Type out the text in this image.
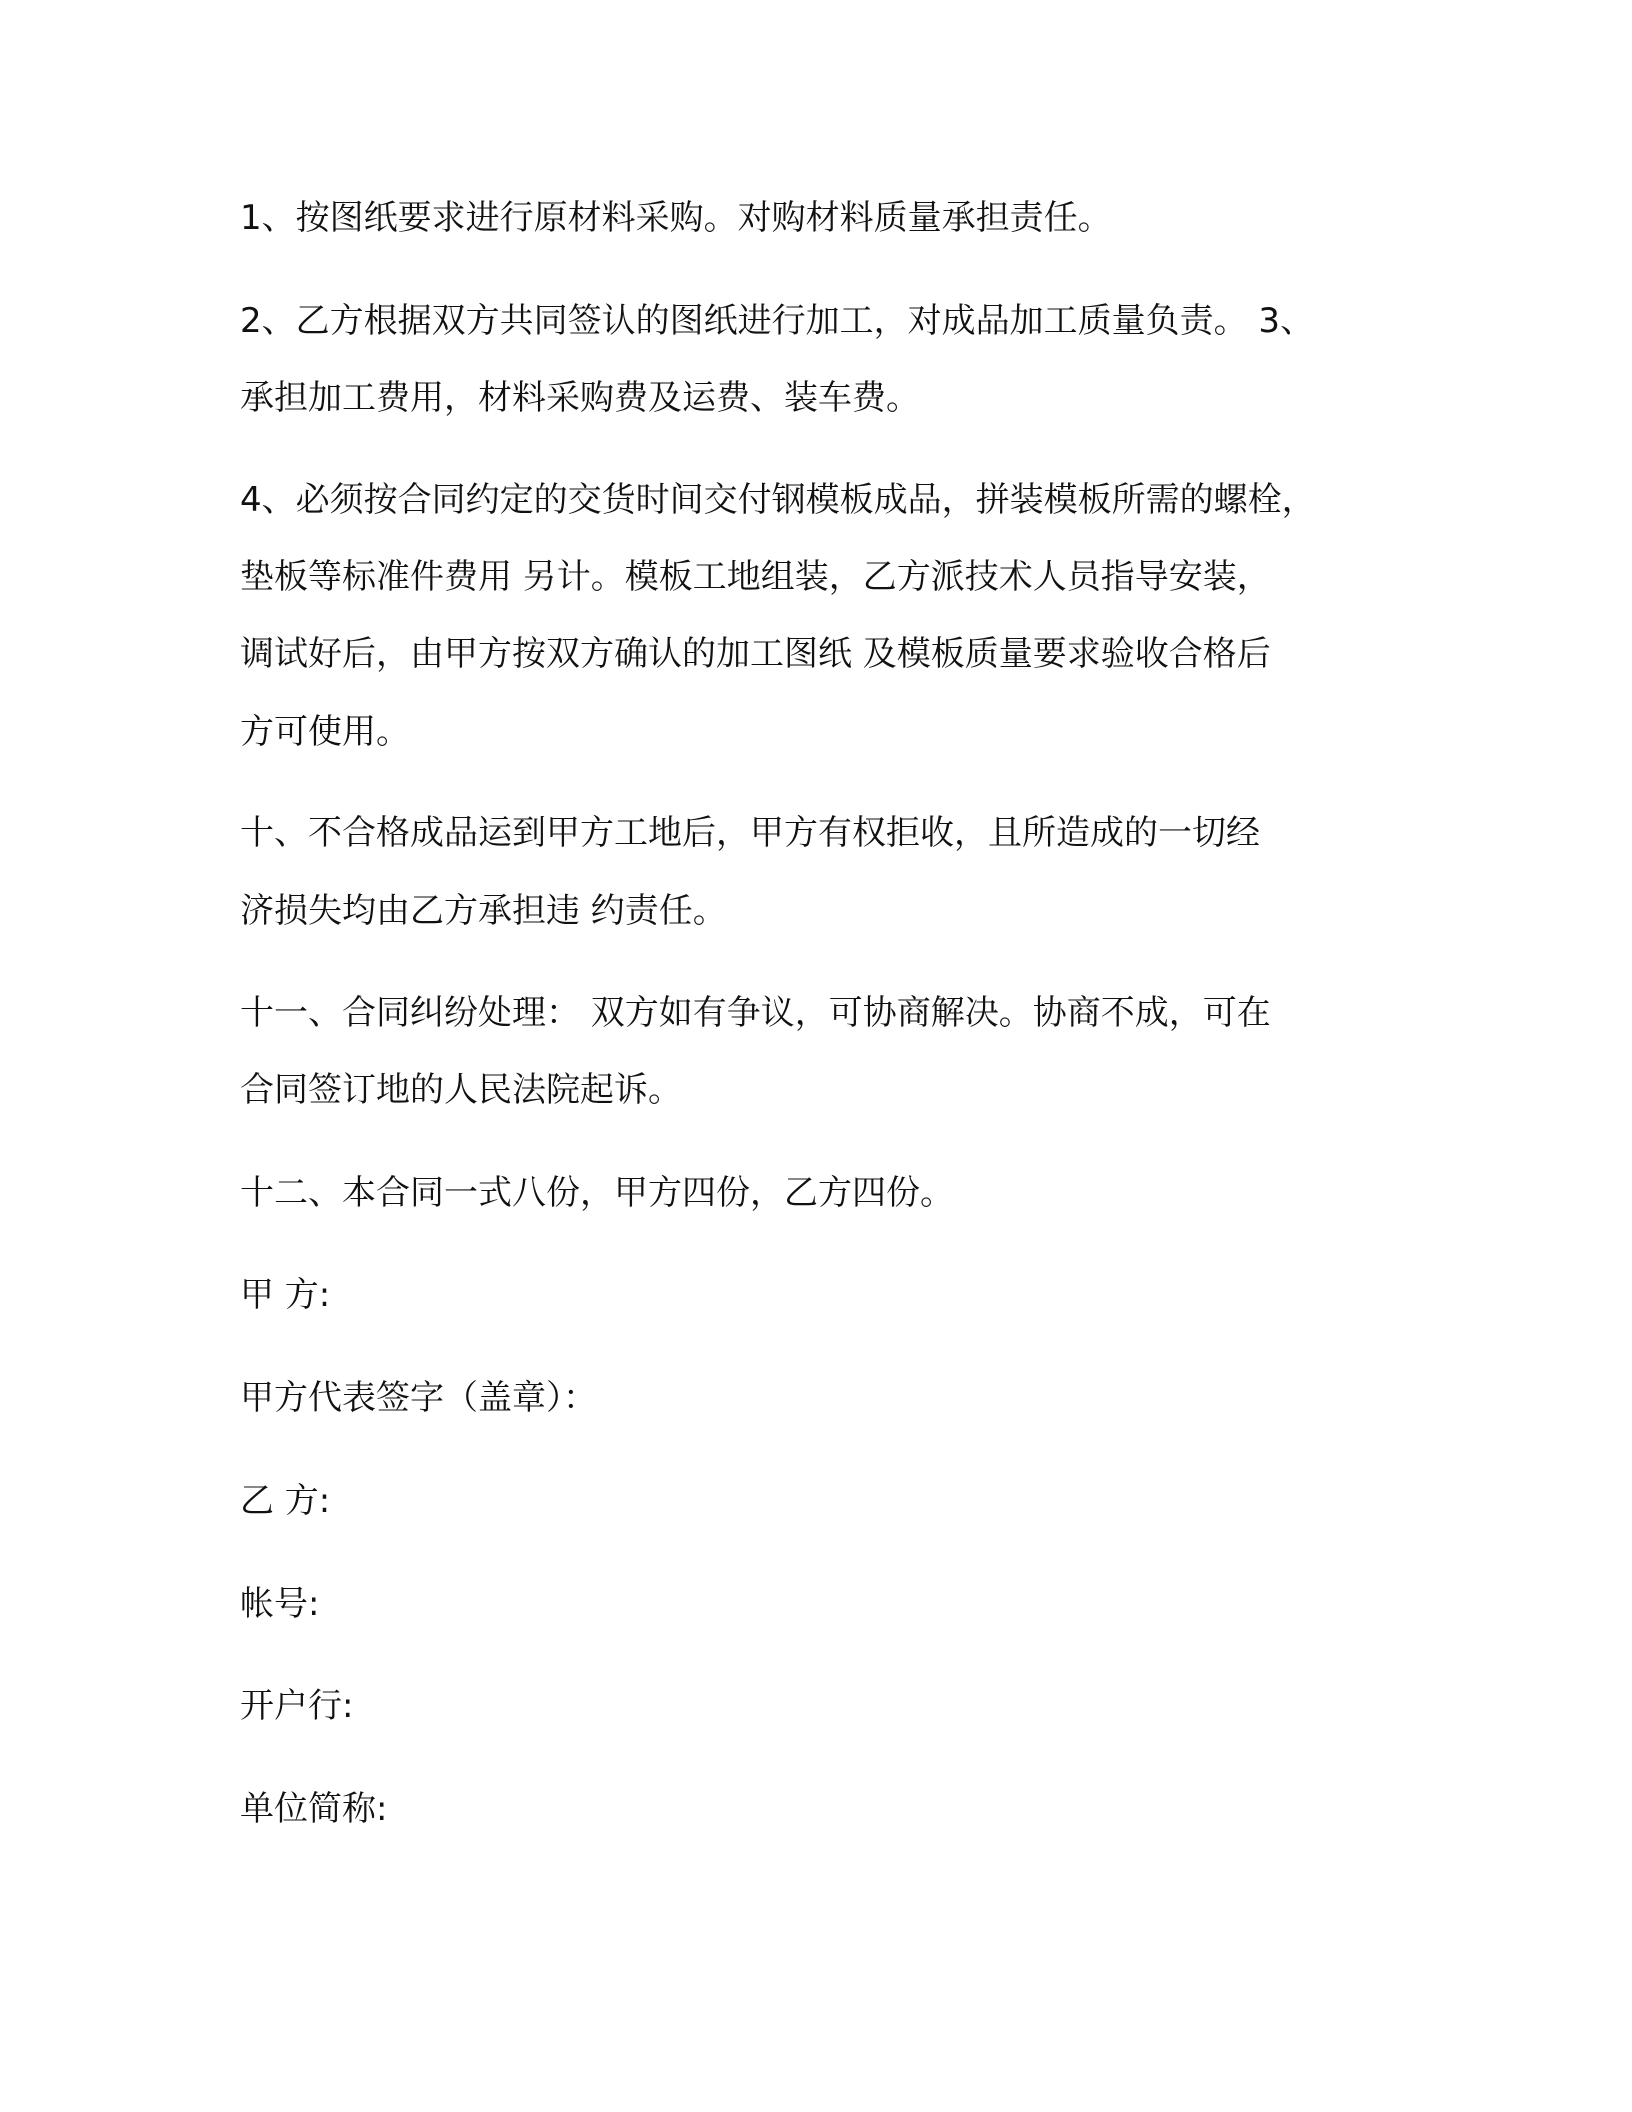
1、按图纸要求进行原材料采购。对购材料质量承担责任。
2、乙方根据双方共同签认的图纸进行加工，对成品加工质量负责。 3、
承担加工费用，材料采购费及运费、装车费。
4、必须按合同约定的交货时间交付钢模板成品，拼装模板所需的螺栓，
垫板等标准件费用 另计。模板工地组装，乙方派技术人员指导安装，
调试好后，由甲方按双方确认的加工图纸 及模板质量要求验收合格后
方可使用。
十、不合格成品运到甲方工地后，甲方有权拒收，且所造成的一切经
济损失均由乙方承担违 约责任。
十一、合同纠纷处理： 双方如有争议，可协商解决。协商不成，可在
合同签订地的人民法院起诉。
十二、本合同一式八份，甲方四份，乙方四份。
甲 方:
甲方代表签字（盖章）：
乙 方:
帐号:
开户行:
单位简称:
